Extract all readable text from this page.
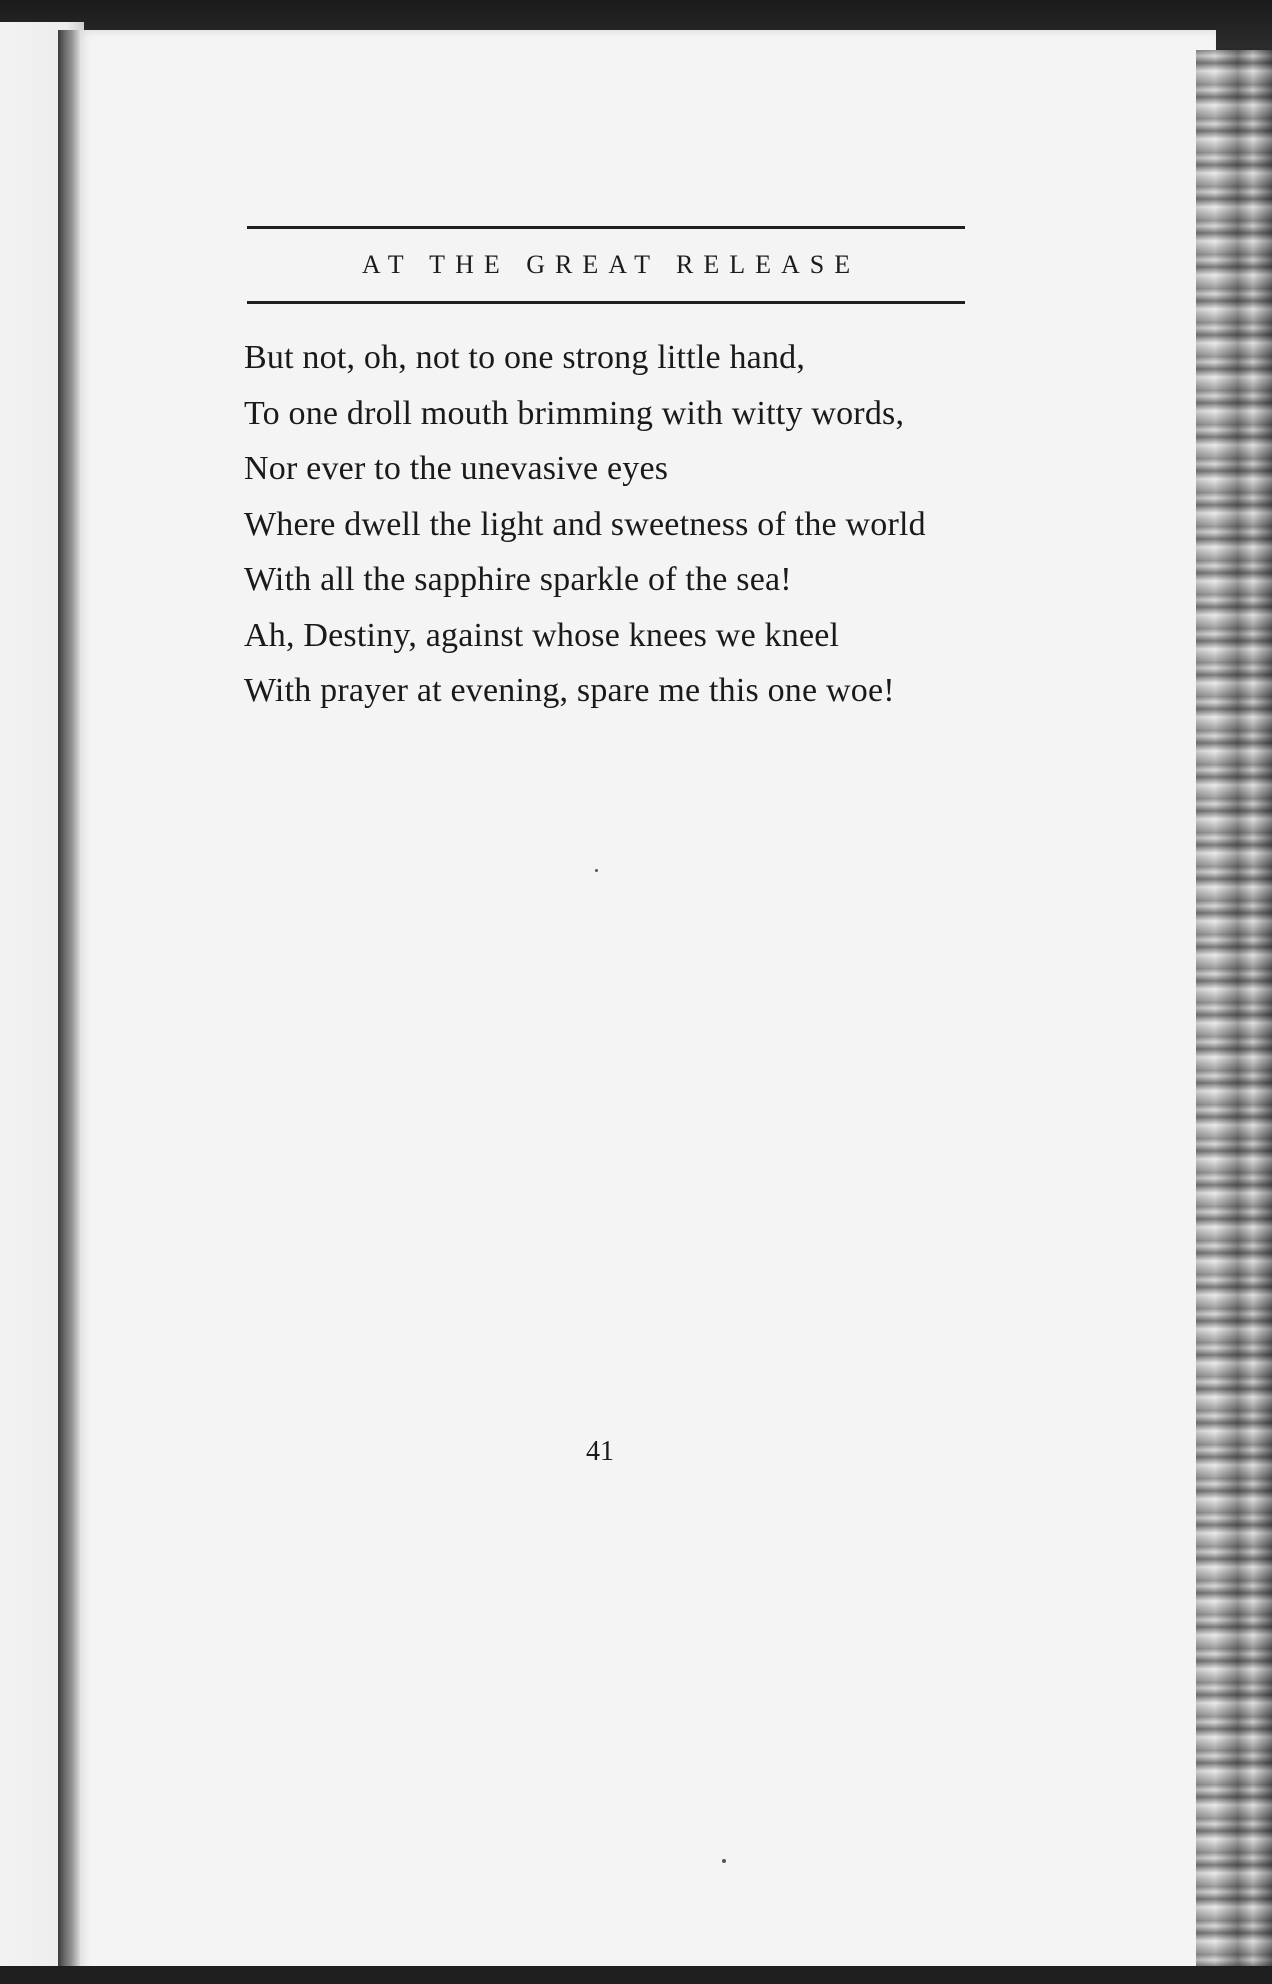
AT THE GREAT RELEASE
But not, oh, not to one strong little hand,
To one droll mouth brimming with witty words,
Nor ever to the unevasive eyes
Where dwell the light and sweetness of the world
With all the sapphire sparkle of the sea!
Ah, Destiny, against whose knees we kneel
With prayer at evening, spare me this one woe!
41
